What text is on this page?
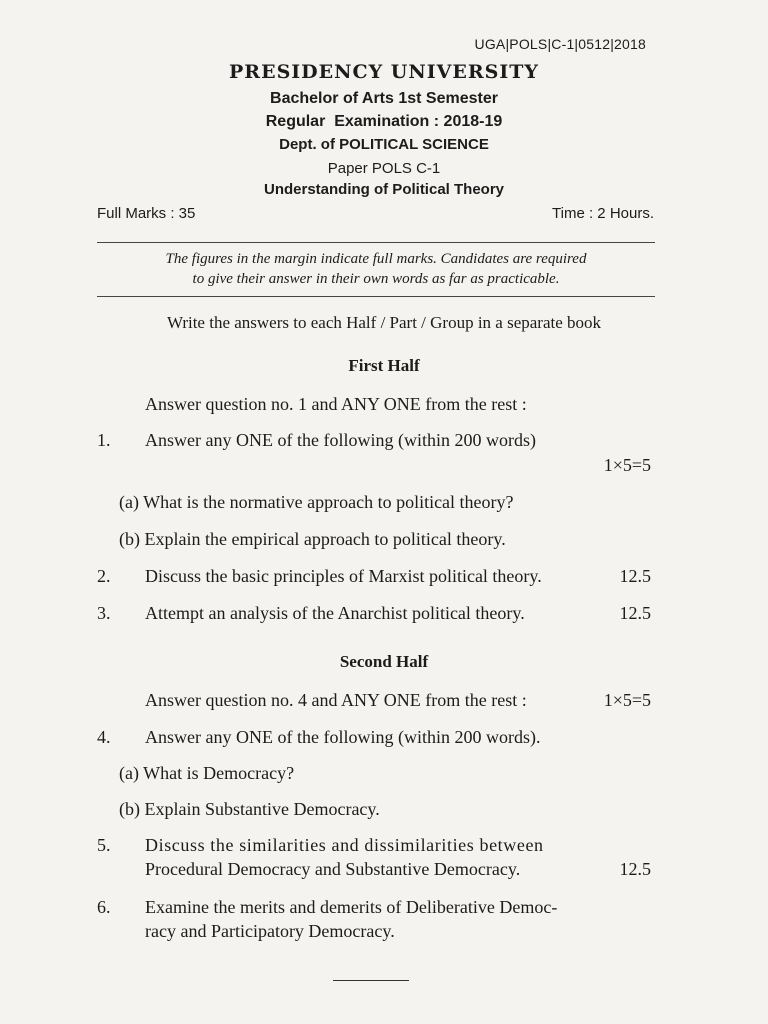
UGA|POLS|C-1|0512|2018
PRESIDENCY UNIVERSITY
Bachelor of Arts 1st Semester
Regular  Examination : 2018-19
Dept. of POLITICAL SCIENCE
Paper POLS C-1
Understanding of Political Theory
Full Marks : 35	Time : 2 Hours.
The figures in the margin indicate full marks. Candidates are required
to give their answer in their own words as far as practicable.
Write the answers to each Half / Part / Group in a separate book
First Half
Answer question no. 1 and ANY ONE from the rest :
1. Answer any ONE of the following (within 200 words)
1×5=5
(a) What is the normative approach to political theory?
(b) Explain the empirical approach to political theory.
2. Discuss the basic principles of Marxist political theory.	12.5
3. Attempt an analysis of the Anarchist political theory.	12.5
Second Half
Answer question no. 4 and ANY ONE from the rest :	1×5=5
4. Answer any ONE of the following (within 200 words).
(a) What is Democracy?
(b) Explain Substantive Democracy.
5. Discuss the similarities and dissimilarities between
Procedural Democracy and Substantive Democracy.	12.5
6. Examine the merits and demerits of Deliberative Democ-
racy and Participatory Democracy.
